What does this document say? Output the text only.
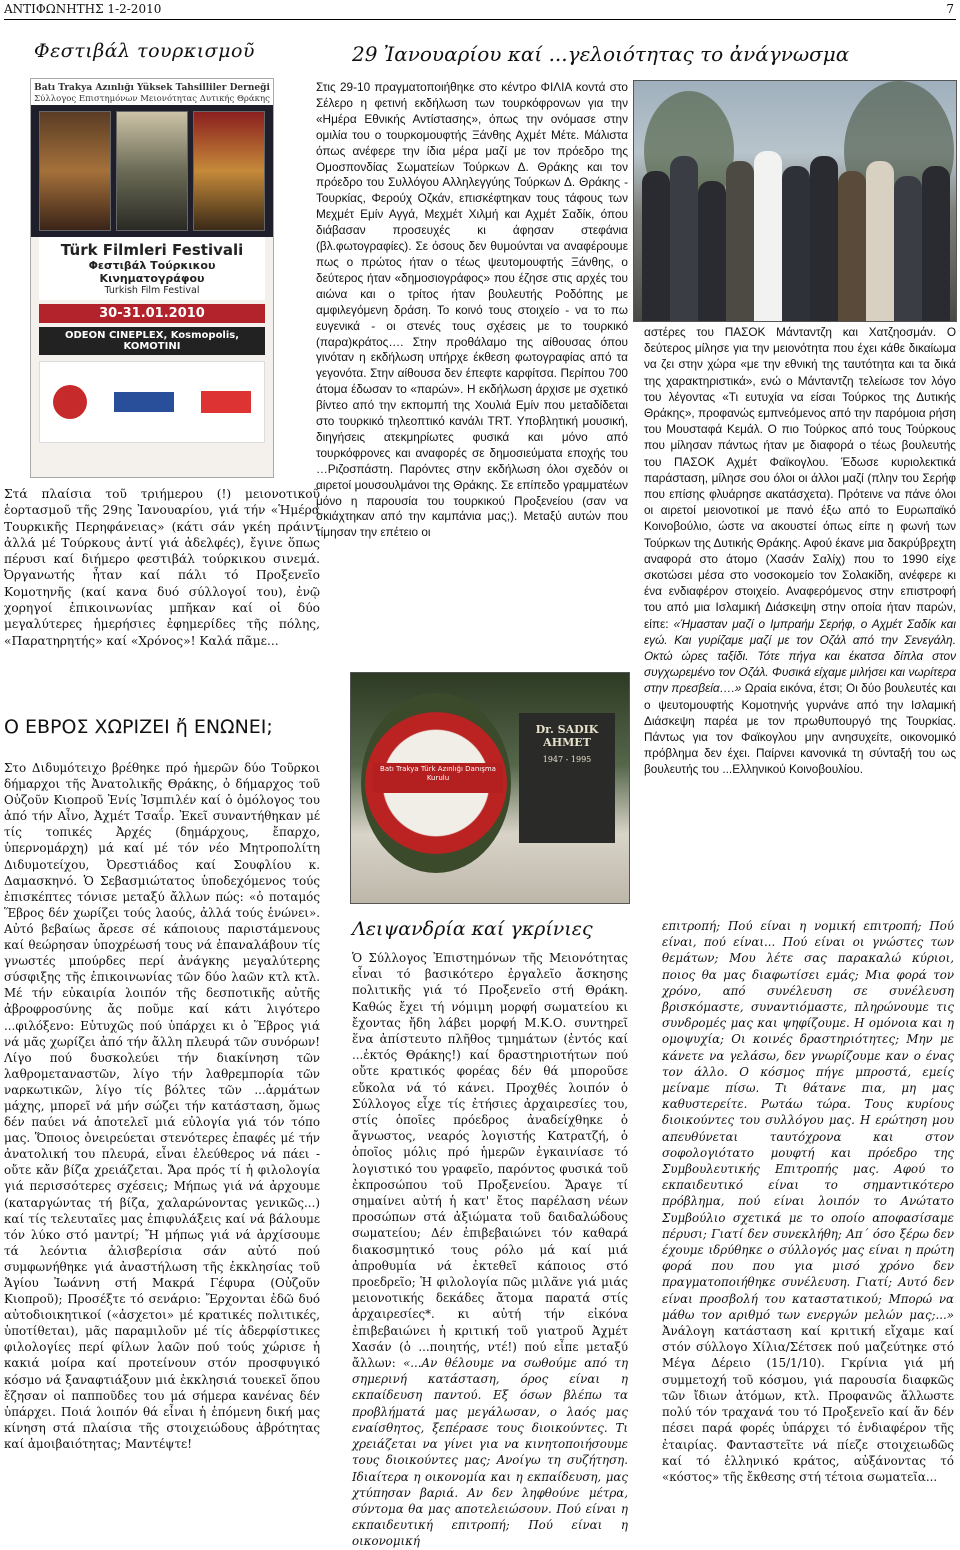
ΑΝΤΙΦΩΝΗΤΗΣ 1-2-2010	7
Φεστιβάλ τουρκισμοῦ
Batı Trakya Azınlığı Yüksek Tahsilliler Derneği
Σύλλογος Επιστημόνων Μειονότητας Δυτικής Θράκης
Türk Filmleri Festivali
Φεστιβάλ Τούρκικου Κινηματογράφου
Turkish Film Festival
30-31.01.2010
ODEON CINEPLEX, Kosmopolis, KOMOTINI
Στά πλαίσια τοῦ τριήμερου (!) μειονοτικοῦ ἑορτασμοῦ τῆς 29ης Ἰανουαρίου, γιά τήν «Ἡμέρα Τουρκικῆς Περηφάνειας» (κάτι σάν γκέη πράιντ ἀλλά μέ Τούρκους ἀντί γιά ἀδελφές), ἔγινε ὅπως πέρυσι καί διήμερο φεστιβάλ τούρκικου σινεμά. Ὀργανωτής ἦταν καί πάλι τό Προξενεῖο Κομοτηνῆς (καί κανα δυό σύλλογοί του), ἐνῷ χορηγοί ἐπικοινωνίας μπῆκαν καί οἱ δύο μεγαλύτερες ἡμερήσιες ἐφημερίδες τῆς πόλης, «Παρατηρητής» καί «Χρόνος»! Καλά πᾶμε...
Ο ΕΒΡΟΣ ΧΩΡΙΖΕΙ ἤ ΕΝΩΝΕΙ;
Στο Διδυμότειχο βρέθηκε πρό ἡμερῶν δύο Τοῦρκοι δήμαρχοι τῆς Ἀνατολικῆς Θράκης, ὁ δήμαρχος τοῦ Οὐζοῦν Κιοπροῦ Ἐνίς Ἰσμπιλέν καί ὁ ὁμόλογος του ἀπό τήν Αἶνο, Ἀχμέτ Τσαΐρ. Ἐκεῖ συναντήθηκαν μέ τίς τοπικές Ἀρχές (δημάρχους, ἔπαρχο, ὑπερνομάρχη) μά καί μέ τόν νέο Μητροπολίτη Διδυμοτείχου, Ὀρεστιάδος καί Σουφλίου κ. Δαμασκηνό. Ὁ Σεβασμιώτατος ὑποδεχόμενος τούς ἐπισκέπτες τόνισε μεταξύ ἄλλων πώς: «ὁ ποταμός Ἕβρος δέν χωρίζει τούς λαούς, ἀλλά τούς ἑνώνει». Αὐτό βεβαίως ἄρεσε σέ κάποιους παριστάμενους καί θεώρησαν ὑποχρέωσή τους νά ἐπαναλάβουν τίς γνωστές μπούρδες περί ἀνάγκης μεγαλύτερης σύσφιξης τῆς ἐπικοινωνίας τῶν δύο λαῶν κτλ κτλ. Μέ τήν εὐκαιρία λοιπόν τῆς δεσποτικῆς αὐτῆς ἀβροφροσύνης ἄς ποῦμε καί κάτι λιγότερο ...φιλόξενο: Εὐτυχῶς πού ὑπάρχει κι ὁ Ἕβρος γιά νά μᾶς χωρίζει ἀπό τήν ἄλλη πλευρά τῶν συνόρων! Λίγο πού δυσκολεύει τήν διακίνηση τῶν λαθρομεταναστῶν, λίγο τήν λαθρεμπορία τῶν ναρκωτικῶν, λίγο τίς βόλτες τῶν ...ἀρμάτων μάχης, μπορεῖ νά μήν σώζει τήν κατάσταση, ὅμως δέν παύει νά ἀποτελεῖ μιά εὐλογία γιά τόν τόπο μας. Ὅποιος ὀνειρεύεται στενότερες ἐπαφές μέ τήν ἀνατολική του πλευρά, εἶναι ἐλεύθερος νά πάει - οὔτε κἄν βίζα χρειάζεται. Ἄρα πρός τί ἡ φιλολογία γιά περισσότερες σχέσεις; Μήπως γιά νά ἀρχουμε (καταργώντας τή βίζα, χαλαρώνοντας γενικῶς...) καί τίς τελευταῖες μας ἐπιφυλάξεις καί νά βάλουμε τόν λύκο στό μαντρί; Ἤ μήπως γιά νά ἀρχίσουμε τά λεόντια ἀλισβερίσια σάν αὐτό πού συμφωνήθηκε γιά ἀναστήλωση τῆς ἐκκλησίας τοῦ Ἁγίου Ἰωάννη στή Μακρά Γέφυρα (Οὐζοῦν Κιοπροῦ); Προσέξτε τό σενάριο: Ἔρχονται ἐδῶ δυό αὐτοδιοικητικοί («ἀσχετοι» μέ κρατικές πολιτικές, ὑποτίθεται), μᾶς παραμιλοῦν μέ τίς ἀδερφίστικες φιλολογίες περί φίλων λαῶν πού τούς χώρισε ἡ κακιά μοίρα καί προτείνουν στόν προσφυγικό κόσμο νά ξαναφτιάξουν μιά ἐκκλησιά τουεκεῖ ὅπου ἔζησαν οἱ παπποῦδες του μά σήμερα κανένας δέν ὑπάρχει. Ποιά λοιπόν θά εἶναι ἡ ἑπόμενη δική μας κίνηση στά πλαίσια τῆς στοιχειώδους ἀβρότητας καί ἀμοιβαιότητας; Μαντέψτε!
29 Ἰανουαρίου καί ...γελοιότητας το ἀνάγνωσμα
Στις 29-10 πραγματοποιήθηκε στο κέντρο ΦΙΛΙΑ κοντά στο Σέλερο η φετινή εκδήλωση των τουρκόφρονων για την «Ημέρα Εθνικής Αντίστασης», όπως την ονόμασε στην ομιλία του ο τουρκομουφτής Ξάνθης Αχμέτ Μέτε. Μάλιστα όπως ανέφερε την ίδια μέρα μαζί με τον πρόεδρο της Ομοσπονδίας Σωματείων Τούρκων Δ. Θράκης και τον πρόεδρο του Συλλόγου Αλληλεγγύης Τούρκων Δ. Θράκης - Τουρκίας, Φερούχ Οζκάν, επισκέφτηκαν τους τάφους των Μεχμέτ Εμίν Αγγά, Μεχμέτ Χιλμή και Αχμέτ Σαδίκ, όπου διάβασαν προσευχές κι άφησαν στεφάνια (βλ.φωτογραφίες). Σε όσους δεν θυμούνται να αναφέρουμε πως ο πρώτος ήταν ο τέως ψευτομουφτής Ξάνθης, ο δεύτερος ήταν «δημοσιογράφος» που έζησε στις αρχές του αιώνα και ο τρίτος ήταν βουλευτής Ροδόπης με αμφιλεγόμενη δράση. Το κοινό τους στοιχείο - να το πω ευγενικά - οι στενές τους σχέσεις με το τουρκικό (παρα)κράτος…. Στην προθάλαμο της αίθουσας όπου γινόταν η εκδήλωση υπήρχε έκθεση φωτογραφίας από τα γεγονότα. Στην αίθουσα δεν έπεφτε καρφίτσα. Περίπου 700 άτομα έδωσαν το «παρών». Η εκδήλωση άρχισε με σχετικό βίντεο από την εκπομπή της Χουλιά Εμίν που μεταδίδεται στο τουρκικό τηλεοπτικό κανάλι TRT. Υποβλητική μουσική, διηγήσεις ατεκμηρίωτες φυσικά και μόνο από τουρκόφρονες και αναφορές σε δημοσιεύματα εποχής του …Ριζοσπάστη. Παρόντες στην εκδήλωση όλοι σχεδόν οι αιρετοί μουσουλμάνοι της Θράκης. Σε επίπεδο γραμματέων μόνο η παρουσία του τουρκικού Προξενείου (σαν να σκιάχτηκαν από την καμπάνια μας;). Μεταξύ αυτών που τίμησαν την επέτειο οι
αστέρες του ΠΑΣΟΚ Μάνταντζη και Χατζηοσμάν. Ο δεύτερος μίλησε για την μειονότητα που έχει κάθε δικαίωμα να ζει στην χώρα «με την εθνική της ταυτότητα και τα δικά της χαρακτηριστικά», ενώ ο Μάνταντζη τελείωσε τον λόγο του λέγοντας «Τι ευτυχία να είσαι Τούρκος της Δυτικής Θράκης», προφανώς εμπνεόμενος από την παρόμοια ρήση του Μουσταφά Κεμάλ. Ο πιο Τούρκος από τους Τούρκους που μίλησαν πάντως ήταν με διαφορά ο τέως βουλευτής του ΠΑΣΟΚ Αχμέτ Φαϊκογλου. Έδωσε κυριολεκτικά παράσταση, μίλησε σου όλοι οι άλλοι μαζί (πλην του Σερήφ που επίσης φλυάρησε ακατάσχετα). Πρότεινε να πάνε όλοι οι αιρετοί μειονοτικοί με πανό έξω από το Ευρωπαϊκό Κοινοβούλιο, ώστε να ακουστεί όπως είπε η φωνή των Τούρκων της Δυτικής Θράκης. Αφού έκανε μια δακρύβρεχτη αναφορά στο άτομο (Χασάν Σαλίχ) που το 1990 είχε σκοτώσει μέσα στο νοσοκομείο τον Σολακίδη, ανέφερε κι ένα ενδιαφέρον στοιχείο. Αναφερόμενος στην επιστροφή του από μια Ισλαμική Διάσκεψη στην οποία ήταν παρών, είπε: «Ήμασταν μαζί ο Ιμπραήμ Σερήφ, ο Αχμέτ Σαδίκ και εγώ. Και γυρίζαμε μαζί με τον Οζάλ από την Σενεγάλη. Οκτώ ώρες ταξίδι. Τότε πήγα και έκατσα δίπλα στον συγχωρεμένο τον Οζάλ. Φυσικά είχαμε μιλήσει και νωρίτερα στην πρεσβεία….» Ωραία εικόνα, έτσι; Οι δύο βουλευτές και ο ψευτομουφτής Κομοτηνής γυρνάνε από την Ισλαμική Διάσκεψη παρέα με τον πρωθυπουργό της Τουρκίας. Πάντως για τον Φαϊκογλου μην ανησυχείτε, οικονομικό πρόβλημα δεν έχει. Παίρνει κανονικά τη σύνταξή του ως βουλευτής του ...Ελληνικού Κοινοβουλίου.
Batı Trakya Türk Azınlığı Danışma Kurulu
Dr. SADIK AHMET
1947 - 1995
Λειψανδρία καί γκρίνιες
Ὁ Σύλλογος Ἐπιστημόνων τῆς Μειονότητας εἶναι τό βασικότερο ἐργαλεῖο ἄσκησης πολιτικῆς γιά τό Προξενεῖο στή Θράκη. Καθώς ἔχει τή νόμιμη μορφή σωματείου κι ἔχοντας ἤδη λάβει μορφή Μ.Κ.Ο. συντηρεῖ ἕνα ἀπίστευτο πλῆθος τμημάτων (ἐντός καί ...ἐκτός Θράκης!) καί δραστηριοτήτων πού οὔτε κρατικός φορέας δέν θά μποροῦσε εὔκολα νά τό κάνει. Προχθές λοιπόν ὁ Σύλλογος εἶχε τίς ἐτήσιες ἀρχαιρεσίες του, στίς ὁποῖες πρόεδρος ἀναδείχθηκε ὁ ἄγνωστος, νεαρός λογιστής Κατρατζή, ὁ ὁποῖος μόλις πρό ἡμερῶν ἐγκαινίασε τό λογιστικό του γραφεῖο, παρόντος φυσικά τοῦ ἐκπροσώπου τοῦ Προξενείου. Ἄραγε τί σημαίνει αὐτή ἡ κατ' ἔτος παρέλαση νέων προσώπων στά ἀξιώματα τοῦ δαιδαλώδους σωματείου; Δέν ἐπιβεβαιώνει τόν καθαρά διακοσμητικό τους ρόλο μά καί μιά ἀπροθυμία νά ἐκτεθεῖ κάποιος στό προεδρεῖο; Ἡ φιλολογία πῶς μιλᾶνε γιά μιάς μειονοτικής δεκάδες ἄτομα παρατά στίς ἀρχαιρεσίες*. κι αὐτή τήν εἰκόνα ἐπιβεβαιώνει ἡ κριτική τοῦ γιατροῦ Ἀχμέτ Χασάν (ὁ ...ποιητής, ντέ!) πού εἶπε μεταξύ ἄλλων: «...Αν θέλουμε να σωθούμε από τη σημερινή κατάσταση, όρος είναι η εκπαίδευση παντού. Εξ όσων βλέπω τα προβλήματά μας μεγάλωσαν, ο λαός μας εναίσθητος, ξεπέρασε τους διοικούντες. Τι χρειάζεται να γίνει για να κινητοποιήσουμε τους διοικούντες μας; Ανοίγω τη συζήτηση. Ιδιαίτερα η οικονομία και η εκπαίδευση, μας χτύπησαν βαριά. Αν δεν ληφθούνε μέτρα, σύντομα θα μας αποτελειώσουν. Πού είναι η εκπαιδευτική επιτροπή; Πού είναι η οικονομική
επιτροπή; Πού είναι η νομική επιτροπή; Πού είναι, πού είναι... Πού είναι οι γνώστες των θεμάτων; Μου λέτε σας παρακαλώ κύριοι, ποιος θα μας διαφωτίσει εμάς; Μια φορά τον χρόνο, από συνέλευση σε συνέλευση βρισκόμαστε, συναντιόμαστε, πληρώνουμε τις συνδρομές μας και ψηφίζουμε. Η ομόνοια και η ομοψυχία; Οι κοινές δραστηριότητες; Μην με κάνετε να γελάσω, δεν γνωρίζουμε καν ο ένας τον άλλο. Ο κόσμος πήγε μπροστά, εμείς μείναμε πίσω. Τι θάτανε πια, μη μας καθυστερείτε. Ρωτάω τώρα. Τους κυρίους διοικούντες του συλλόγου μας. Η ερώτηση μου απευθύνεται ταυτόχρονα και στον σοφολογιότατο μουφτή και πρόεδρο της Συμβουλευτικής Επιτροπής μας. Αφού το εκπαιδευτικό είναι το σημαντικότερο πρόβλημα, πού είναι λοιπόν το Ανώτατο Συμβούλιο σχετικά με το οποίο αποφασίσαμε πέρυσι; Γιατί δεν συνεκλήθη; Απ΄ όσο ξέρω δεν έχουμε ιδρύθηκε ο σύλλογός μας είναι η πρώτη φορά που που για μισό χρόνο δεν πραγματοποιήθηκε συνέλευση. Γιατί; Αυτό δεν είναι προσβολή του καταστατικού; Μπορώ να μάθω τον αριθμό των ενεργών μελών μας;...» Ἀνάλογη κατάσταση καί κριτική εἴχαμε καί στόν σύλλογο Χίλια/Σέτσεκ πού μαζεύτηκε στό Μέγα Δέρειο (15/1/10). Γκρίνια γιά μή συμμετοχή τοῦ κόσμου, γιά παρουσία διαφκῶς τῶν ἴδιων ἀτόμων, κτλ. Προφανῶς ἄλλωστε πολύ τόν τραχανά του τό Προξενεῖο καί ἄν δέν πέσει παρά φορές ὑπάρχει τό ἐνδιαφέρον τῆς ἐταιρίας. Φανταστεῖτε νά πίεζε στοιχειωδῶς καί τό ἑλληνικό κράτος, αὐξάνοντας τό «κόστος» τῆς ἔκθεσης στή τέτοια σωματεῖα...
